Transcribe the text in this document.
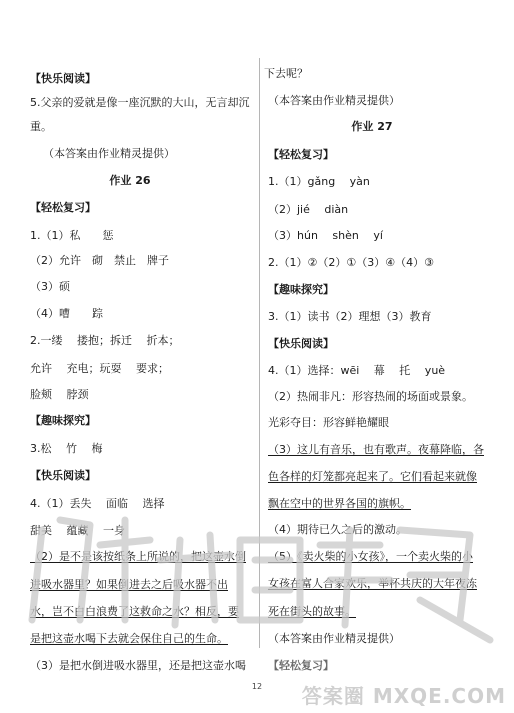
【快乐阅读】
5.父亲的爱就是像一座沉默的大山，无言却沉
重。
（本答案由作业精灵提供）
作业 26
【轻松复习】
1.（1）私　　惩
（2）允许　砌　禁止　牌子
（3）硕
（4）嘈　　踪
2.一缕　 搂抱；拆迁　 折本；
允许　 充电；玩耍　 要求；
脸颊　 脖颈
【趣味探究】
3.松　 竹　 梅
【快乐阅读】
4.（1）丢失　 面临　 选择
甜美　 蕴藏　 一身
（2）是不是该按纸条上所说的，把这壶水倒
进吸水器里？如果倒进去之后吸水器不出
水，岂不白白浪费了这救命之水？相反，要
是把这壶水喝下去就会保住自己的生命。
（3）是把水倒进吸水器里，还是把这壶水喝
下去呢？
（本答案由作业精灵提供）
作业 27
【轻松复习】
1.（1）gǎng　 yàn
（2）jié　 diàn
（3）hún　 shèn　 yí
2.（1）②（2）①（3）④（4）③
【趣味探究】
3.（1）读书（2）理想（3）教育
【快乐阅读】
4.（1）选择：wēi　 幕　 托　 yuè
（2）热闹非凡：形容热闹的场面或景象。
光彩夺目：形容鲜艳耀眼
（3）这儿有音乐，也有歌声。夜幕降临，各
色各样的灯笼都亮起来了。它们看起来就像
飘在空中的世界各国的旗帜。
（4）期待已久之后的激动。
（5）《卖火柴的小女孩》，一个卖火柴的小
女孩在富人合家欢乐，举杯共庆的大年夜冻
死在街头的故事。
（本答案由作业精灵提供）
【轻松复习】
12	答案圈 MXQE.COM
